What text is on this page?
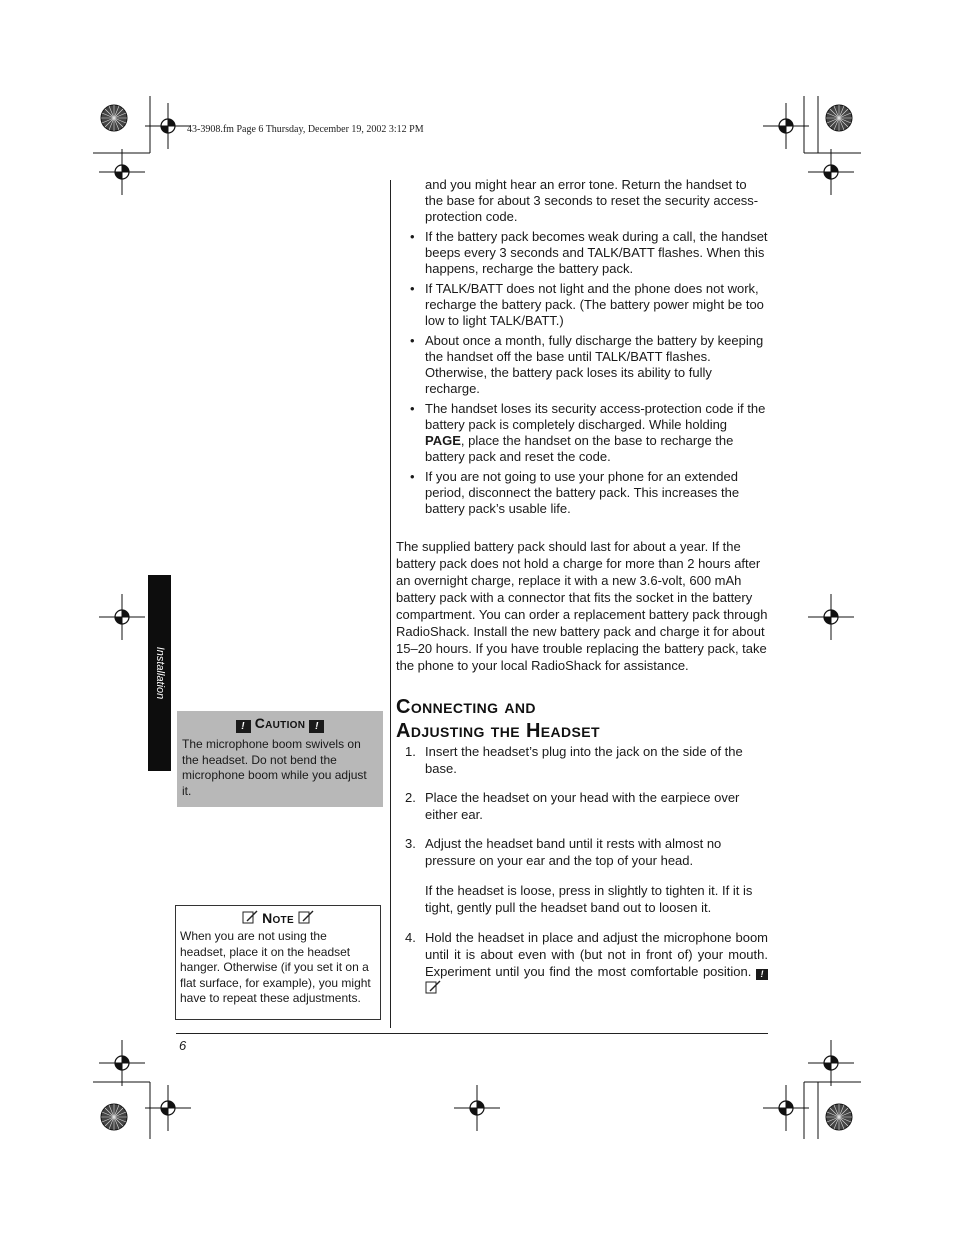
43-3908.fm Page 6 Thursday, December 19, 2002 3:12 PM
Installation
! Caution !
The microphone boom swivels on the headset. Do not bend the microphone boom while you adjust it.
Note
When you are not using the headset, place it on the headset hanger. Otherwise (if you set it on a flat surface, for example), you might have to repeat these adjustments.
and you might hear an error tone. Return the handset to the base for about 3 seconds to reset the security access-protection code.
• If the battery pack becomes weak during a call, the handset beeps every 3 seconds and TALK/BATT flashes. When this happens, recharge the battery pack.
• If TALK/BATT does not light and the phone does not work, recharge the battery pack. (The battery power might be too low to light TALK/BATT.)
• About once a month, fully discharge the battery by keeping the handset off the base until TALK/BATT flashes. Otherwise, the battery pack loses its ability to fully recharge.
• The handset loses its security access-protection code if the battery pack is completely discharged. While holding PAGE, place the handset on the base to recharge the battery pack and reset the code.
• If you are not going to use your phone for an extended period, disconnect the battery pack. This increases the battery pack’s usable life.
The supplied battery pack should last for about a year. If the battery pack does not hold a charge for more than 2 hours after an overnight charge, replace it with a new 3.6-volt, 600 mAh battery pack with a connector that fits the socket in the battery compartment. You can order a replacement battery pack through RadioShack. Install the new battery pack and charge it for about 15–20 hours. If you have trouble replacing the battery pack, take the phone to your local RadioShack for assistance.
Connecting and
Adjusting the Headset
1. Insert the headset’s plug into the jack on the side of the base.
2. Place the headset on your head with the earpiece over either ear.
3. Adjust the headset band until it rests with almost no pressure on your ear and the top of your head.
If the headset is loose, press in slightly to tighten it. If it is tight, gently pull the headset band out to loosen it.
4. Hold the headset in place and adjust the microphone boom until it is about even with (but not in front of) your mouth. Experiment until you find the most comfortable position. !
6
